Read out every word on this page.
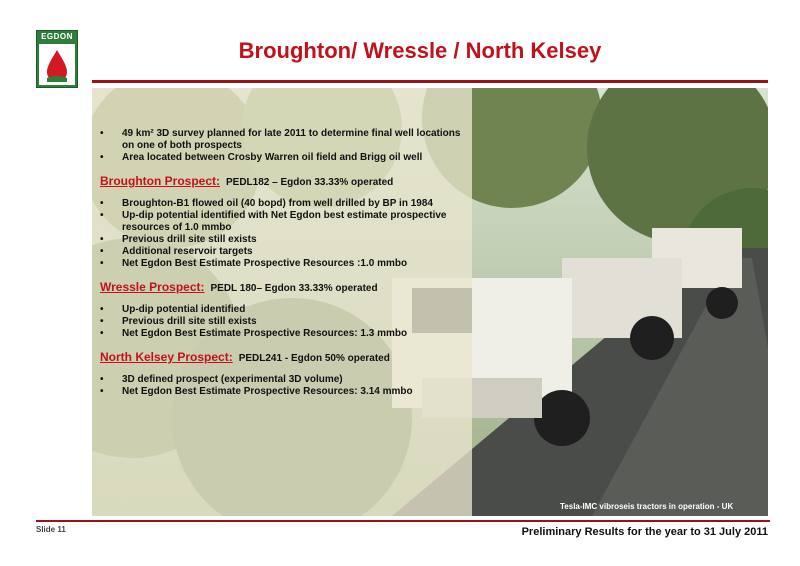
EGDON
Broughton/ Wressle / North Kelsey
• 49 km² 3D survey planned for late 2011 to determine final well locations on one of both prospects
• Area located between Crosby Warren oil field and Brigg oil well
Broughton Prospect: PEDL182 – Egdon 33.33% operated
• Broughton-B1 flowed oil (40 bopd) from well drilled by BP in 1984
• Up-dip potential identified with Net Egdon best estimate prospective resources of 1.0 mmbo
• Previous drill site still exists
• Additional reservoir targets
• Net Egdon Best Estimate Prospective Resources :1.0 mmbo
Wressle Prospect: PEDL 180– Egdon 33.33% operated
• Up-dip potential identified
• Previous drill site still exists
• Net Egdon Best Estimate Prospective Resources: 1.3 mmbo
North Kelsey Prospect: PEDL241 - Egdon 50% operated
• 3D defined prospect (experimental 3D volume)
• Net Egdon Best Estimate Prospective Resources: 3.14 mmbo
Tesla-IMC vibroseis tractors in operation - UK
Slide 11	Preliminary Results for the year to 31 July 2011
